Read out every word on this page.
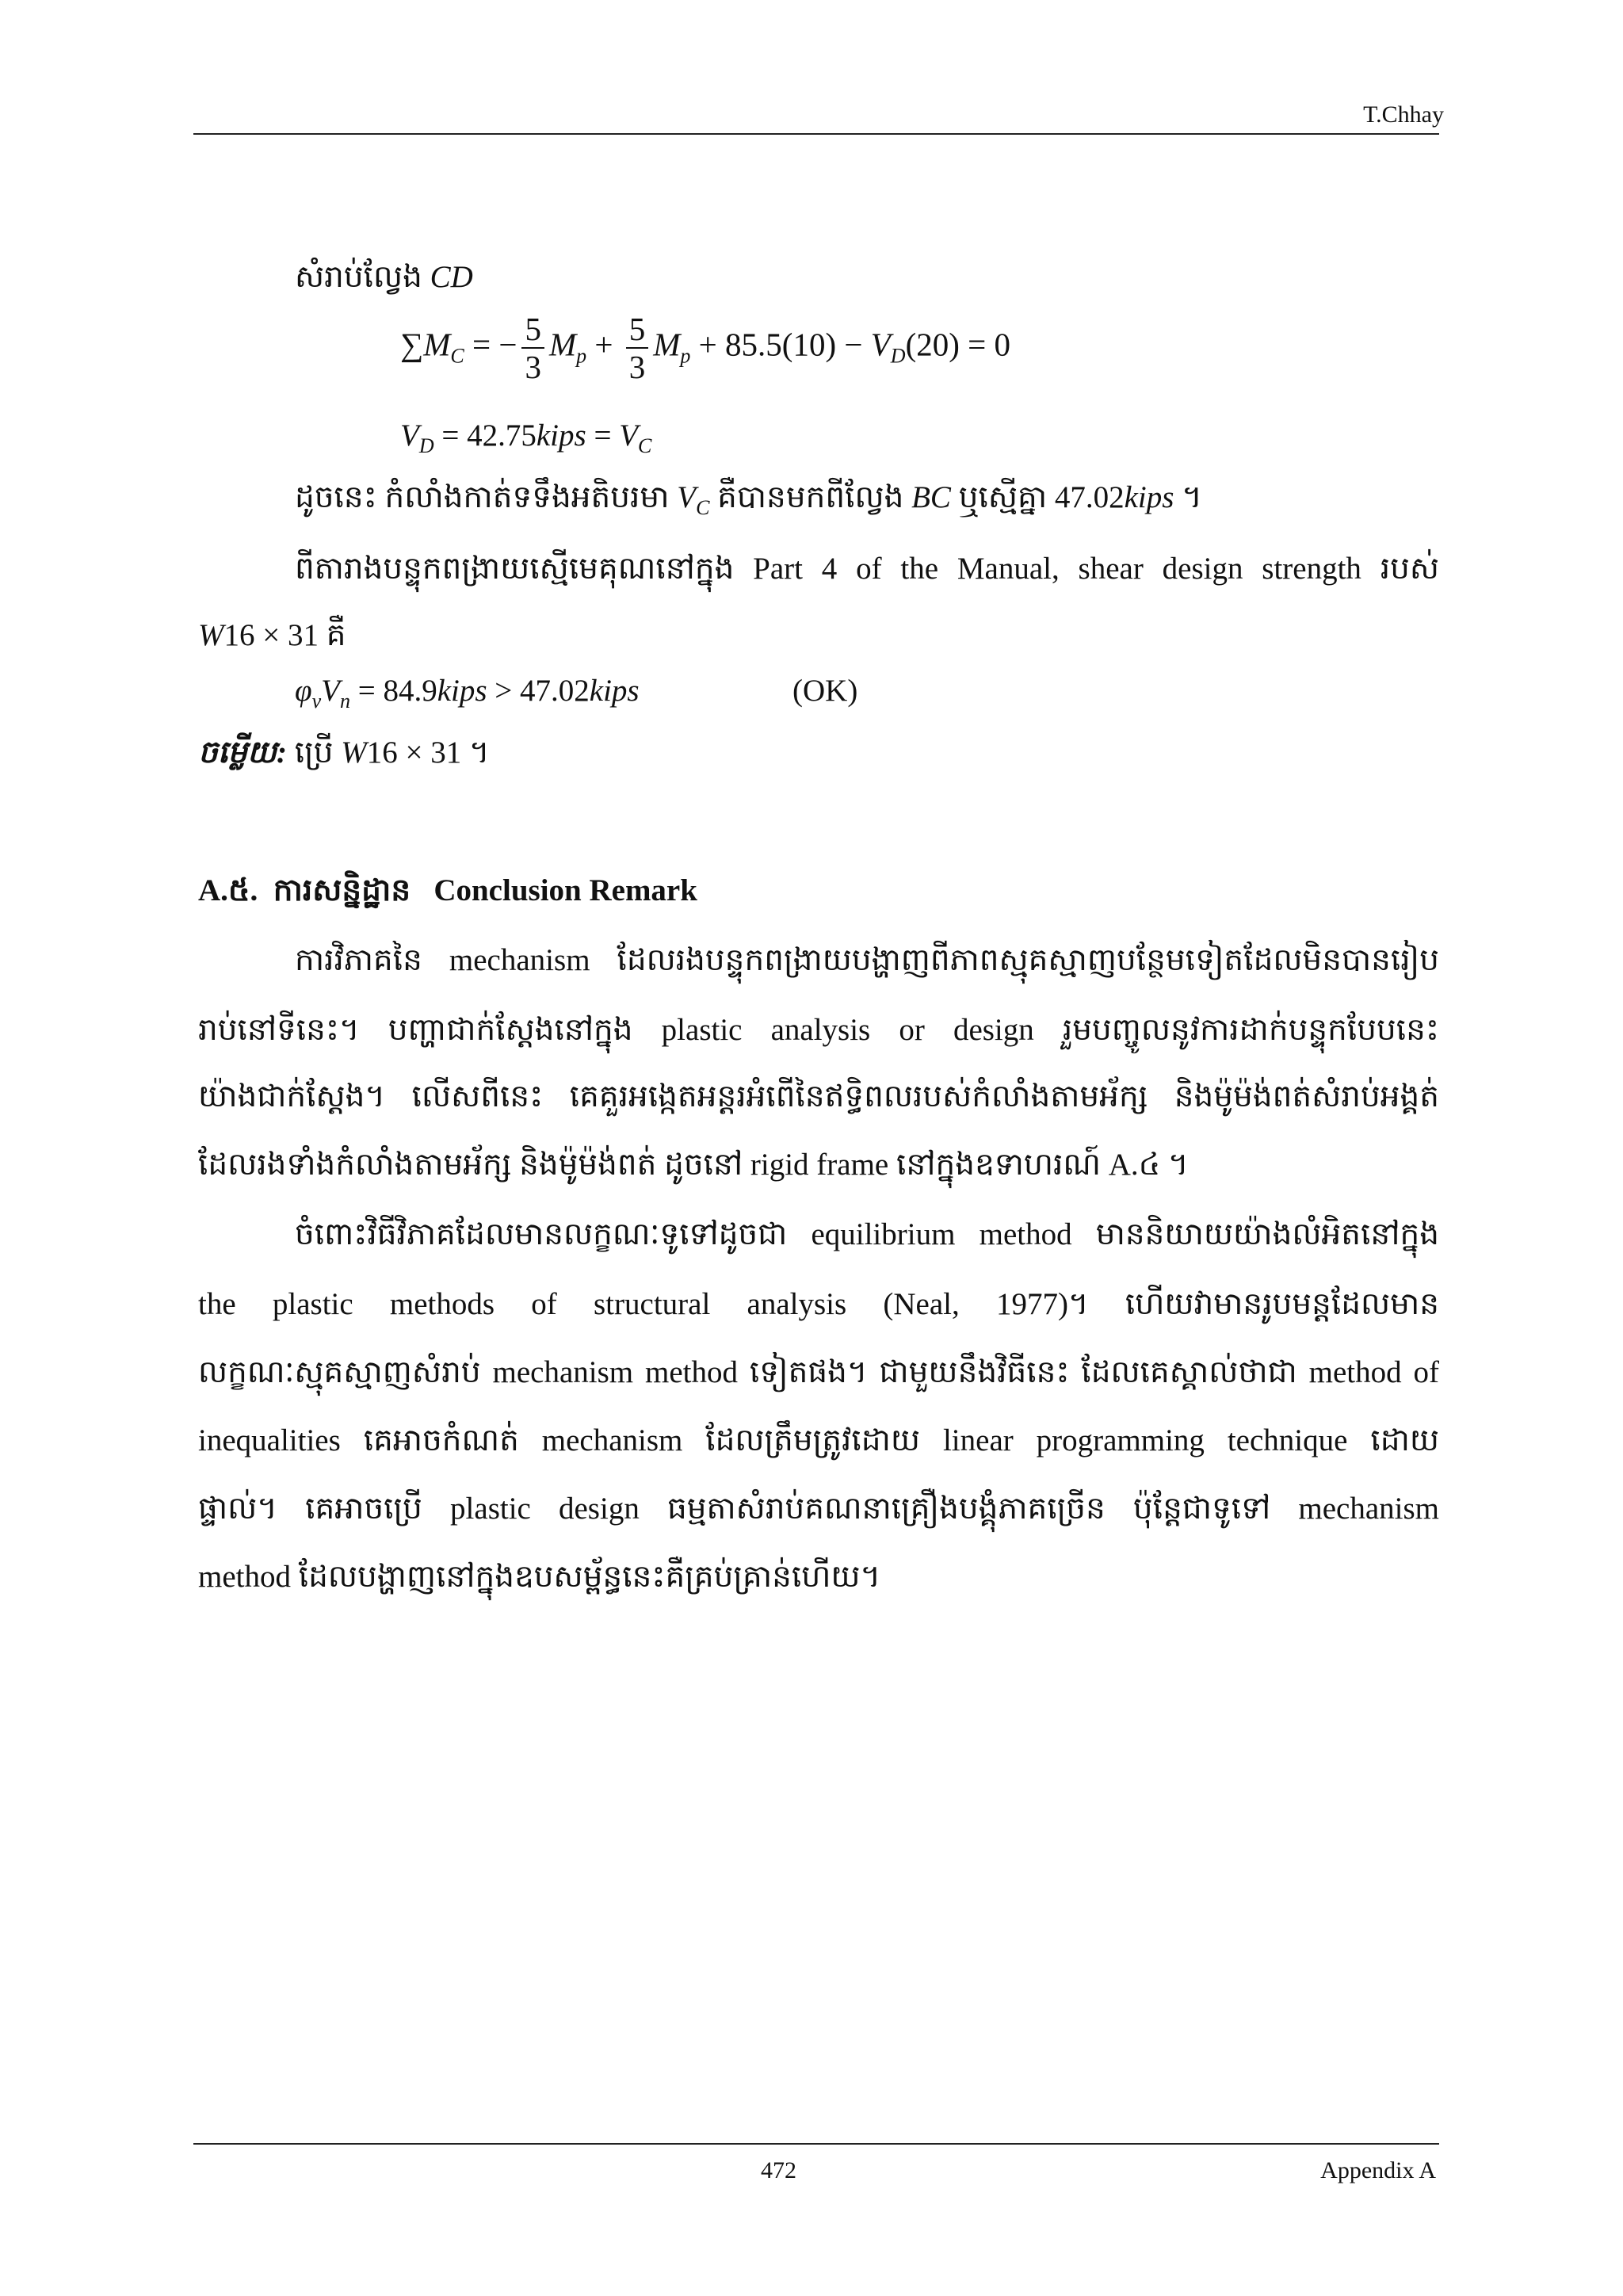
T.Chhay
សំរាប់ល្វែង CD
$\sum M_C$ = − $\frac{5}{3} M_p + \frac{5}{3} M_p + 85.5(10) - V_D(20) = 0$
$V_D$ = 42.75kips = $V_C$
ដូចនេះ កំលាំងកាត់ទទឹងអតិបរមា $V_C$ គឺបានមកពីល្វែង BC ឬស្មើគ្នា 47.02kips ។
ពីតារាងបន្ទុកពង្រាយស្មើមេគុណនៅក្នុង Part 4 of the Manual, shear design strength របស់
W16 × 31 គឺ
$\varphi_vV_n$ = 84.9kips > 47.02kips	(OK)
ចម្លើយ: ប្រើ W16 × 31 ។
A.៥. ការសន្និដ្ឋាន Conclusion Remark
ការវិភាគនៃ mechanism ដែលរងបន្ទុកពង្រាយបង្ហាញពីភាពស្មុគស្មាញបន្ថែមទៀតដែលមិនបានរៀប
រាប់នៅទីនេះ។ បញ្ហាជាក់ស្តែងនៅក្នុង plastic analysis or design រួមបញ្ចូលនូវការដាក់បន្ទុកបែបនេះ
យ៉ាងជាក់ស្តែង។ លើសពីនេះ គេគួរអង្កេតអន្តរអំពើនៃឥទ្ធិពលរបស់កំលាំងតាមអ័ក្ស និងម៉ូម៉ង់ពត់សំរាប់អង្គត់
ដែលរងទាំងកំលាំងតាមអ័ក្ស និងម៉ូម៉ង់ពត់ ដូចនៅ rigid frame នៅក្នុងឧទាហរណ៍ A.៤ ។
ចំពោះវិធីវិភាគដែលមានលក្ខណៈទូទៅដូចជា equilibrium method មាននិយាយយ៉ាងលំអិតនៅក្នុង
the plastic methods of structural analysis (Neal, 1977)។ ហើយវាមានរូបមន្តដែលមាន
លក្ខណៈស្មុគស្មាញសំរាប់ mechanism method ទៀតផង។ ជាមួយនឹងវិធីនេះ ដែលគេស្គាល់ថាជា method of
inequalities គេអាចកំណត់ mechanism ដែលត្រឹមត្រូវដោយ linear programming technique ដោយ
ផ្ទាល់។ គេអាចប្រើ plastic design ធម្មតាសំរាប់គណនាគ្រឿងបង្គុំភាគច្រើន ប៉ុន្តែជាទូទៅ mechanism
method ដែលបង្ហាញនៅក្នុងឧបសម្ព័ន្ធនេះគឺគ្រប់គ្រាន់ហើយ។
472	Appendix A
